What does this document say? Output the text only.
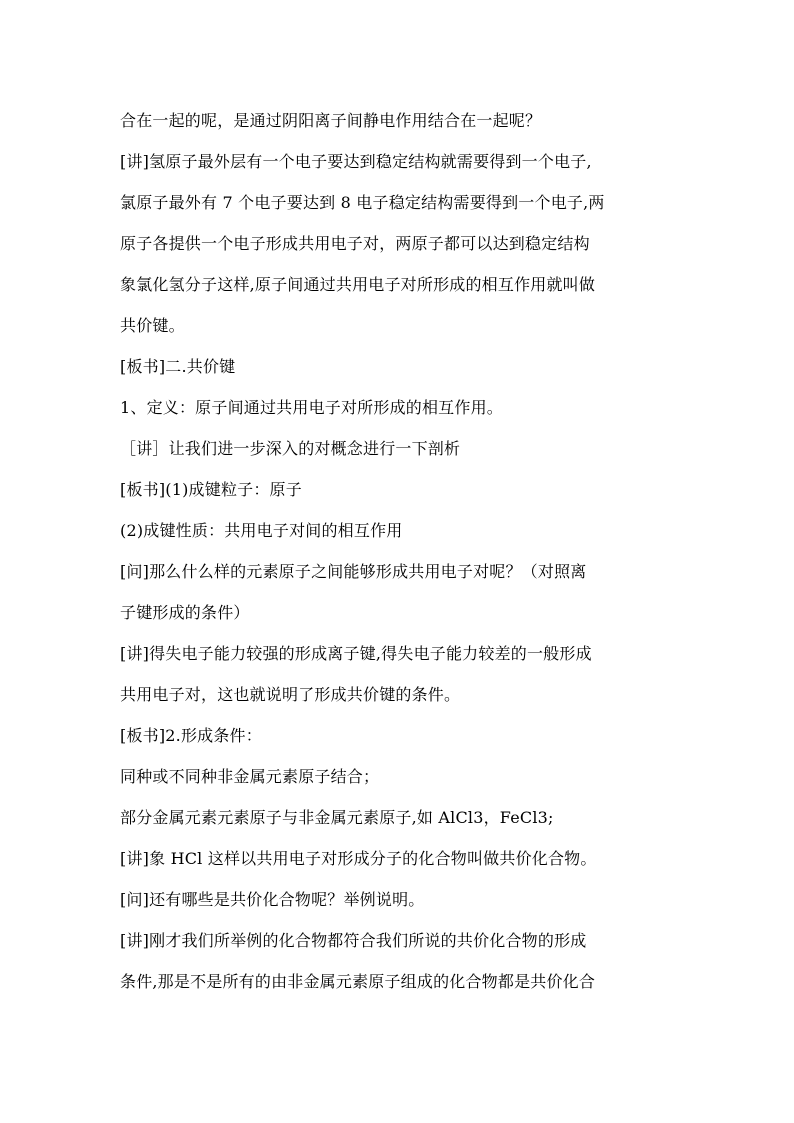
合在一起的呢，是通过阴阳离子间静电作用结合在一起呢？
[讲]氢原子最外层有一个电子要达到稳定结构就需要得到一个电子,
氯原子最外有 7 个电子要达到 8 电子稳定结构需要得到一个电子,两
原子各提供一个电子形成共用电子对，两原子都可以达到稳定结构
象氯化氢分子这样,原子间通过共用电子对所形成的相互作用就叫做
共价键。
[板书]二.共价键
1、定义：原子间通过共用电子对所形成的相互作用。
［讲］让我们进一步深入的对概念进行一下剖析
[板书](1)成键粒子：原子
(2)成键性质：共用电子对间的相互作用
[问]那么什么样的元素原子之间能够形成共用电子对呢？（对照离
子键形成的条件）
[讲]得失电子能力较强的形成离子键,得失电子能力较差的一般形成
共用电子对，这也就说明了形成共价键的条件。
[板书]2.形成条件：
同种或不同种非金属元素原子结合；
部分金属元素元素原子与非金属元素原子,如 AlCl3，FeCl3;
[讲]象 HCl 这样以共用电子对形成分子的化合物叫做共价化合物。
[问]还有哪些是共价化合物呢？举例说明。
[讲]刚才我们所举例的化合物都符合我们所说的共价化合物的形成
条件,那是不是所有的由非金属元素原子组成的化合物都是共价化合
